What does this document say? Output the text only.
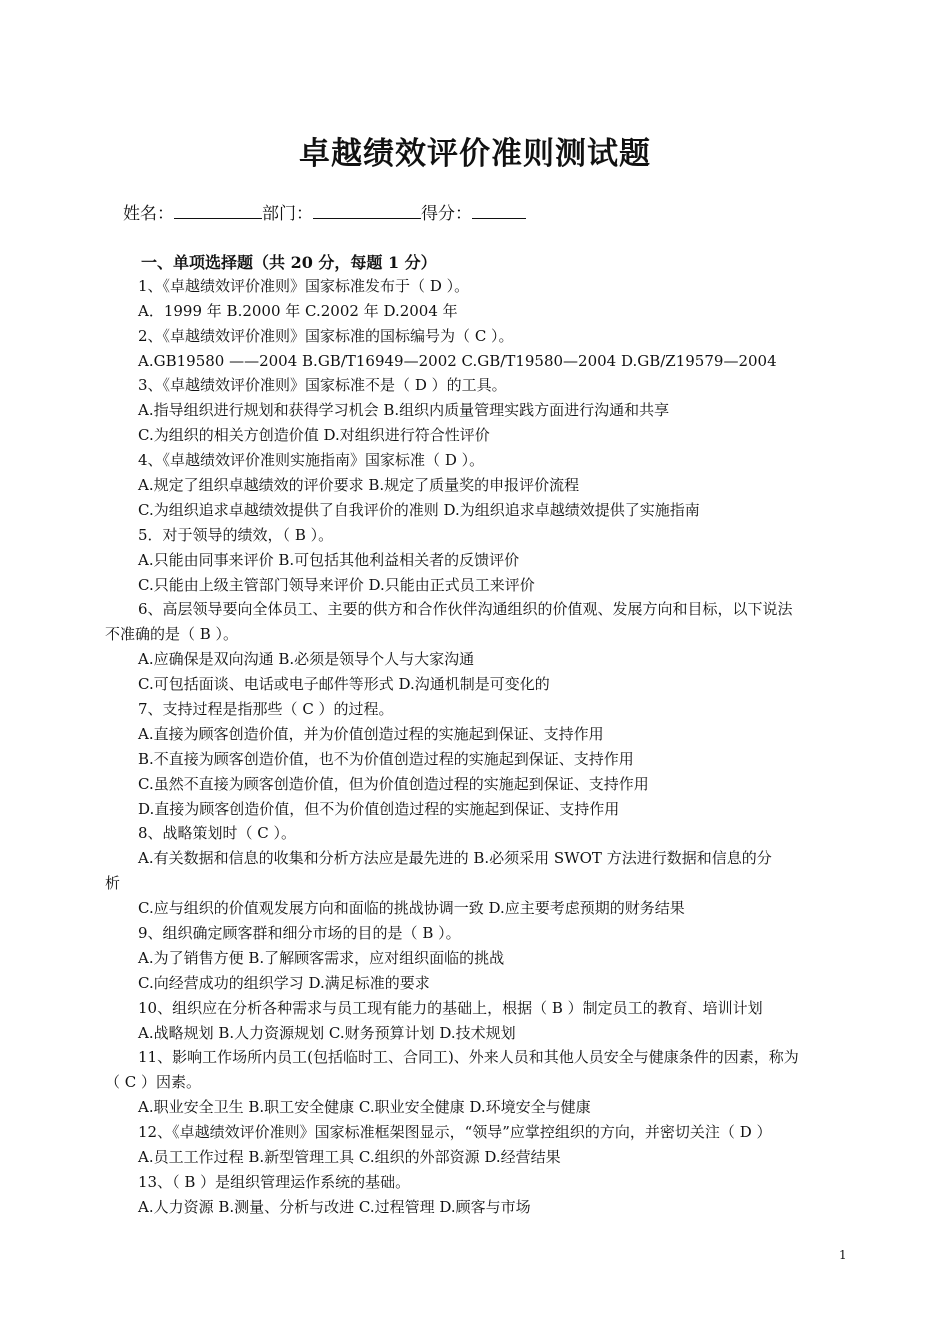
卓越绩效评价准则测试题
姓名：	部门：	得分：
一、单项选择题（共 20 分，每题 1 分）
1、《卓越绩效评价准则》国家标准发布于（ D ）。
A．1999 年 B.2000 年 C.2002 年 D.2004 年
2、《卓越绩效评价准则》国家标准的国标编号为（ C ）。
A.GB19580 ——2004 B.GB/T16949—2002 C.GB/T19580—2004 D.GB/Z19579—2004
3、《卓越绩效评价准则》国家标准不是（ D ）的工具。
A.指导组织进行规划和获得学习机会 B.组织内质量管理实践方面进行沟通和共享
C.为组织的相关方创造价值 D.对组织进行符合性评价
4、《卓越绩效评价准则实施指南》国家标准（ D ）。
A.规定了组织卓越绩效的评价要求 B.规定了质量奖的申报评价流程
C.为组织追求卓越绩效提供了自我评价的准则 D.为组织追求卓越绩效提供了实施指南
5．对于领导的绩效，（ B ）。
A.只能由同事来评价 B.可包括其他利益相关者的反馈评价
C.只能由上级主管部门领导来评价 D.只能由正式员工来评价
6、高层领导要向全体员工、主要的供方和合作伙伴沟通组织的价值观、发展方向和目标，以下说法
不准确的是（ B ）。
A.应确保是双向沟通 B.必须是领导个人与大家沟通
C.可包括面谈、电话或电子邮件等形式 D.沟通机制是可变化的
7、支持过程是指那些（ C ）的过程。
A.直接为顾客创造价值，并为价值创造过程的实施起到保证、支持作用
B.不直接为顾客创造价值，也不为价值创造过程的实施起到保证、支持作用
C.虽然不直接为顾客创造价值，但为价值创造过程的实施起到保证、支持作用
D.直接为顾客创造价值，但不为价值创造过程的实施起到保证、支持作用
8、战略策划时（ C ）。
A.有关数据和信息的收集和分析方法应是最先进的 B.必须采用 SWOT 方法进行数据和信息的分
析
C.应与组织的价值观发展方向和面临的挑战协调一致 D.应主要考虑预期的财务结果
9、组织确定顾客群和细分市场的目的是（ B ）。
A.为了销售方便 B.了解顾客需求，应对组织面临的挑战
C.向经营成功的组织学习 D.满足标准的要求
10、组织应在分析各种需求与员工现有能力的基础上，根据（ B ）制定员工的教育、培训计划
A.战略规划 B.人力资源规划 C.财务预算计划 D.技术规划
11、影响工作场所内员工(包括临时工、合同工)、外来人员和其他人员安全与健康条件的因素，称为
（ C ）因素。
A.职业安全卫生 B.职工安全健康 C.职业安全健康 D.环境安全与健康
12、《卓越绩效评价准则》国家标准框架图显示，“领导”应掌控组织的方向，并密切关注（ D ）
A.员工工作过程 B.新型管理工具 C.组织的外部资源 D.经营结果
13、（ B ）是组织管理运作系统的基础。
A.人力资源 B.测量、分析与改进 C.过程管理 D.顾客与市场
1
